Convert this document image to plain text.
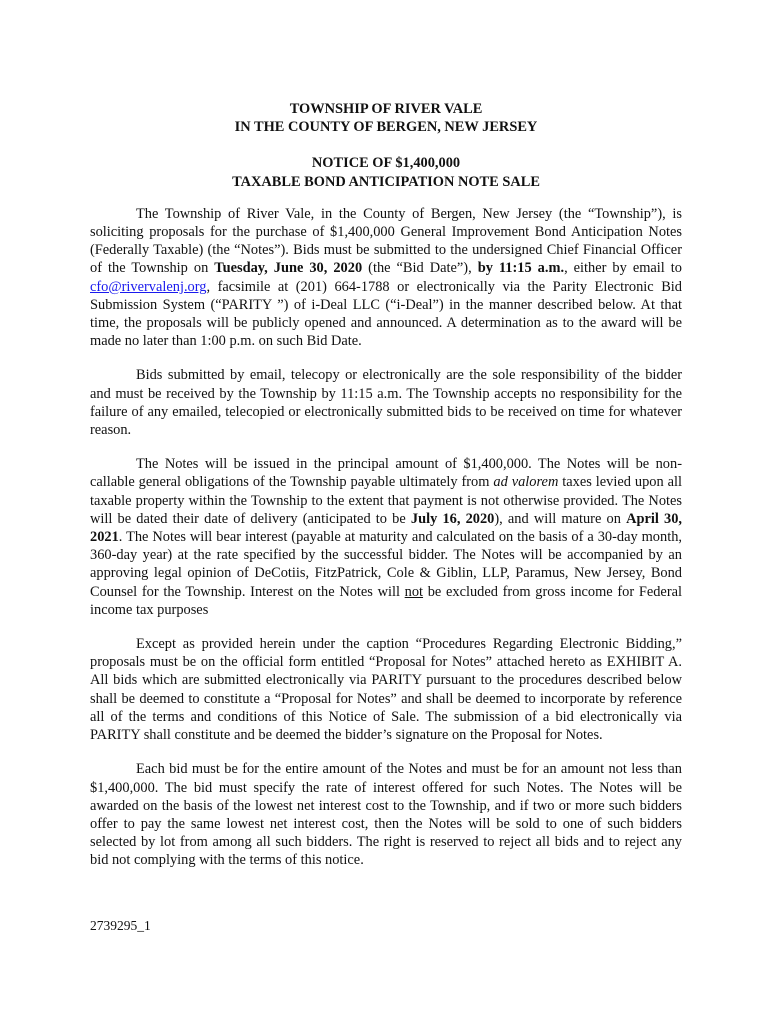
TOWNSHIP OF RIVER VALE
IN THE COUNTY OF BERGEN, NEW JERSEY
NOTICE OF $1,400,000
TAXABLE BOND ANTICIPATION NOTE SALE

The Township of River Vale, in the County of Bergen, New Jersey (the “Township”), is soliciting proposals for the purchase of $1,400,000 General Improvement Bond Anticipation Notes (Federally Taxable) (the “Notes”). Bids must be submitted to the undersigned Chief Financial Officer of the Township on Tuesday, June 30, 2020 (the “Bid Date”), by 11:15 a.m., either by email to cfo@rivervalenj.org, facsimile at (201) 664-1788 or electronically via the Parity Electronic Bid Submission System (“PARITY ”) of i-Deal LLC (“i-Deal”) in the manner described below. At that time, the proposals will be publicly opened and announced. A determination as to the award will be made no later than 1:00 p.m. on such Bid Date.

Bids submitted by email, telecopy or electronically are the sole responsibility of the bidder and must be received by the Township by 11:15 a.m. The Township accepts no responsibility for the failure of any emailed, telecopied or electronically submitted bids to be received on time for whatever reason.

The Notes will be issued in the principal amount of $1,400,000. The Notes will be non-callable general obligations of the Township payable ultimately from ad valorem taxes levied upon all taxable property within the Township to the extent that payment is not otherwise provided. The Notes will be dated their date of delivery (anticipated to be July 16, 2020), and will mature on April 30, 2021. The Notes will bear interest (payable at maturity and calculated on the basis of a 30-day month, 360-day year) at the rate specified by the successful bidder. The Notes will be accompanied by an approving legal opinion of DeCotiis, FitzPatrick, Cole & Giblin, LLP, Paramus, New Jersey, Bond Counsel for the Township. Interest on the Notes will not be excluded from gross income for Federal income tax purposes

Except as provided herein under the caption “Procedures Regarding Electronic Bidding,” proposals must be on the official form entitled “Proposal for Notes” attached hereto as EXHIBIT A. All bids which are submitted electronically via PARITY pursuant to the procedures described below shall be deemed to constitute a “Proposal for Notes” and shall be deemed to incorporate by reference all of the terms and conditions of this Notice of Sale. The submission of a bid electronically via PARITY shall constitute and be deemed the bidder’s signature on the Proposal for Notes.

Each bid must be for the entire amount of the Notes and must be for an amount not less than $1,400,000. The bid must specify the rate of interest offered for such Notes. The Notes will be awarded on the basis of the lowest net interest cost to the Township, and if two or more such bidders offer to pay the same lowest net interest cost, then the Notes will be sold to one of such bidders selected by lot from among all such bidders. The right is reserved to reject all bids and to reject any bid not complying with the terms of this notice.

2739295_1
